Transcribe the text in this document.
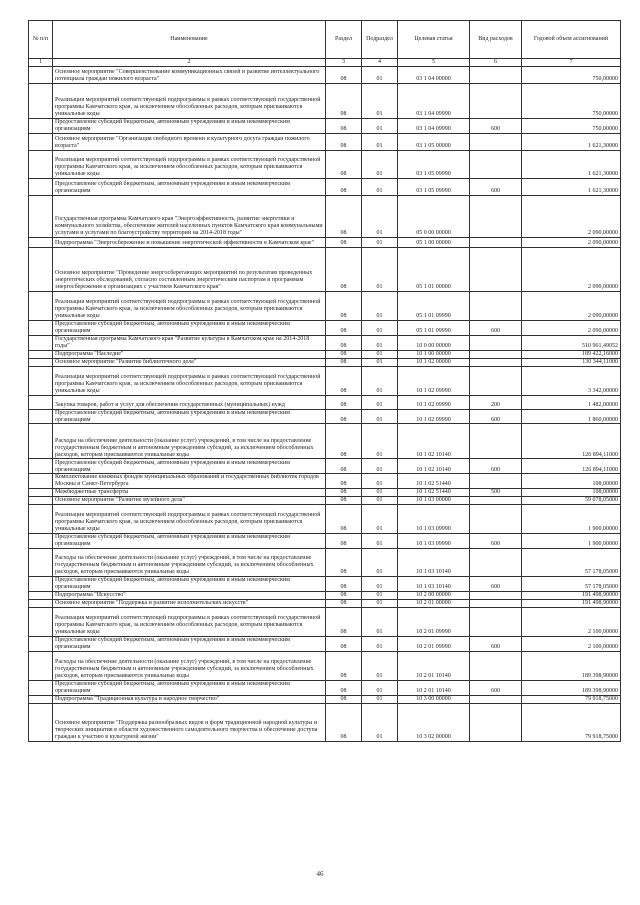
№ п/п	Наименование	Раздел	Подраздел	Целевая статья	Вид расходов	Годовой объем ассигнований
1	2	3	4	5	6	7
	Основное мероприятие "Совершенствование коммуникационных связей и развитие интеллектуального потенциала граждан пожилого возраста"	08	01	03 1 04 00000		750,00000
	Реализация мероприятий соответствующей подпрограммы в рамках соответствующей государственной программы Камчатского края, за исключением обособленных расходов, которым присваиваются уникальные коды	08	01	03 1 04 09990		750,00000
	Предоставление субсидий бюджетным, автономным учреждениям и иным некоммерческим организациям	08	01	03 1 04 09990	600	750,00000
	Основное мероприятие "Организация свободного времени и культурного досуга граждан пожилого возраста"	08	01	03 1 05 00000		1 621,30000
	Реализация мероприятий соответствующей подпрограммы в рамках соответствующей государственной программы Камчатского края, за исключением обособленных расходов, которым присваиваются уникальные коды	08	01	03 1 05 09990		1 621,30000
	Предоставление субсидий бюджетным, автономным учреждениям и иным некоммерческим организациям	08	01	03 1 05 09990	600	1 621,30000
	Государственная программа Камчатского края "Энергоэффективность, развитие энергетики и коммунального хозяйства, обеспечение жителей населенных пунктов Камчатского края коммунальными услугами и услугами по благоустройству территорий на 2014-2018 годы"	08	01	05 0 00 00000		2 090,00000
	Подпрограмма "Энергосбережение и повышение энергетической эффективности в Камчатском крае"	08	01	05 1 00 00000		2 090,00000
	Основное мероприятие "Проведение энергосберегающих мероприятий по результатам проведенных энергетических обследований, согласно составленным энергетическим паспортам и программам энергосбережения в организациях с участием Камчатского края"	08	01	05 1 01 00000		2 090,00000
	Реализация мероприятий соответствующей подпрограммы в рамках соответствующей государственной программы Камчатского края, за исключением обособленных расходов, которым присваиваются уникальные коды	08	01	05 1 01 09990		2 090,00000
	Предоставление субсидий бюджетным, автономным учреждениям и иным некоммерческим организациям	08	01	05 1 01 09990	600	2 090,00000
	Государственная программа Камчатского края "Развитие культуры в Камчатском крае на 2014-2018 годы"	08	01	10 0 00 00000		510 961,49052
	Подпрограмма "Наследие"	08	01	10 1 00 00000		189 422,16000
	Основное мероприятие "Развитие библиотечного дела"	08	01	10 1 02 00000		130 344,11000
	Реализация мероприятий соответствующей подпрограммы в рамках соответствующей государственной программы Камчатского края, за исключением обособленных расходов, которым присваиваются уникальные коды	08	01	10 1 02 09990		3 342,00000
	Закупка товаров, работ и услуг для обеспечения государственных (муниципальных) нужд	08	01	10 1 02 09990	200	1 482,00000
	Предоставление субсидий бюджетным, автономным учреждениям и иным некоммерческим организациям	08	01	10 1 02 09990	600	1 860,00000
	Расходы на обеспечение деятельности (оказание услуг) учреждений, в том числе на предоставление государственным бюджетным и автономным учреждениям субсидий, за исключением обособленных расходов, которым присваиваются уникальные коды	08	01	10 1 02 10140		126 894,11000
	Предоставление субсидий бюджетным, автономным учреждениям и иным некоммерческим организациям	08	01	10 1 02 10140	600	126 894,11000
	Комплектование книжных фондов муниципальных образований и государственных библиотек городов Москвы и Санкт-Петербурга	08	01	10 1 02 51440		108,00000
	Межбюджетные трансферты	08	01	10 1 02 51440	500	108,00000
	Основное мероприятие "Развитие музейного дела"	08	01	10 1 03 00000		59 078,05000
	Реализация мероприятий соответствующей подпрограммы в рамках соответствующей государственной программы Камчатского края, за исключением обособленных расходов, которым присваиваются уникальные коды	08	01	10 1 03 09990		1 900,00000
	Предоставление субсидий бюджетным, автономным учреждениям и иным некоммерческим организациям	08	01	10 1 03 09990	600	1 900,00000
	Расходы на обеспечение деятельности (оказание услуг) учреждений, в том числе на предоставление государственным бюджетным и автономным учреждениям субсидий, за исключением обособленных расходов, которым присваиваются уникальные коды	08	01	10 1 03 10140		57 178,05000
	Предоставление субсидий бюджетным, автономным учреждениям и иным некоммерческим организациям	08	01	10 1 03 10140	600	57 178,05000
	Подпрограмма "Искусство"	08	01	10 2 00 00000		191 498,90000
	Основное мероприятие "Поддержка и развитие исполнительских искусств"	08	01	10 2 01 00000		191 498,90000
	Реализация мероприятий соответствующей подпрограммы в рамках соответствующей государственной программы Камчатского края, за исключением обособленных расходов, которым присваиваются уникальные коды	08	01	10 2 01 09990		2 100,00000
	Предоставление субсидий бюджетным, автономным учреждениям и иным некоммерческим организациям	08	01	10 2 01 09990	600	2 100,00000
	Расходы на обеспечение деятельности (оказание услуг) учреждений, в том числе на предоставление государственным бюджетным и автономным учреждениям субсидий, за исключением обособленных расходов, которым присваиваются уникальные коды	08	01	10 2 01 10140		189 398,90000
	Предоставление субсидий бюджетным, автономным учреждениям и иным некоммерческим организациям	08	01	10 2 01 10140	600	189 398,90000
	Подпрограмма "Традиционная культура и народное творчество"	08	01	10 3 00 00000		79 918,75000
	Основное мероприятие "Поддержка разнообразных видов и форм традиционной народной культуры и творческих инициатив в области художественного самодеятельного творчества и обеспечение доступа граждан к участию в культурной жизни"	08	01	10 3 02 00000		79 918,75000
46
